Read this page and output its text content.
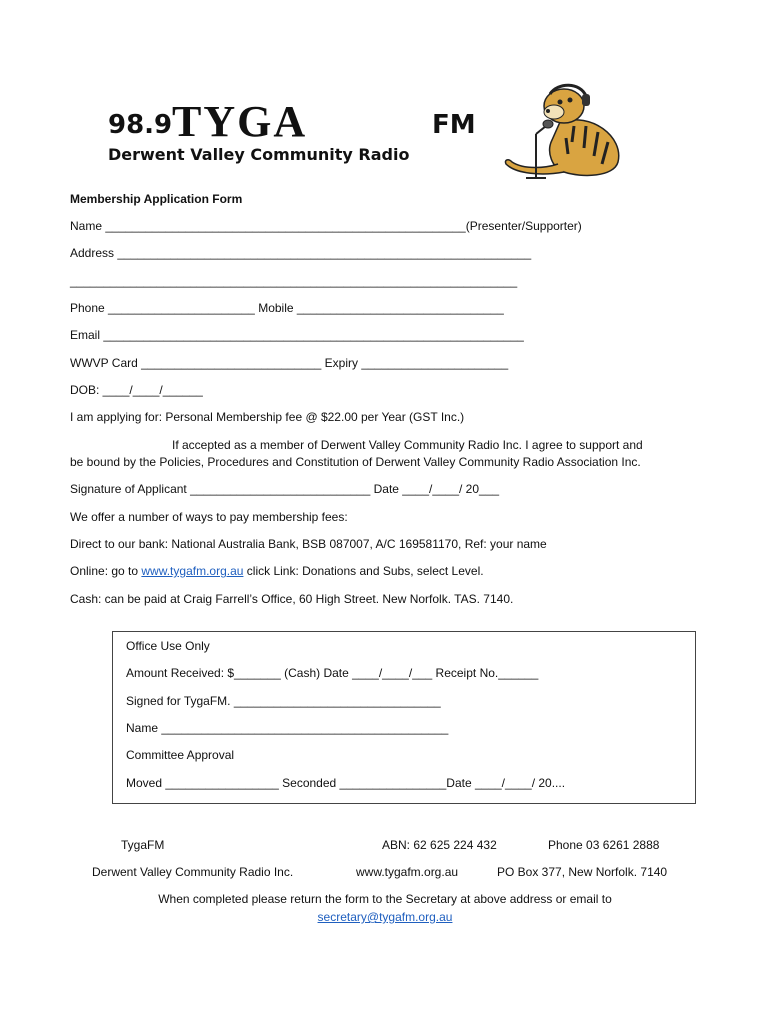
98.9 TYGA	FM
Derwent Valley Community Radio
Membership Application Form
Name ______________________________________________________(Presenter/Supporter)
Address ______________________________________________________________
___________________________________________________________________
Phone ______________________ Mobile _______________________________
Email _______________________________________________________________
WWVP Card ___________________________ Expiry ______________________
DOB: ____/____/______
I am applying for: Personal Membership fee @ $22.00 per Year (GST Inc.)
If accepted as a member of Derwent Valley Community Radio Inc. I agree to support and
be bound by the Policies, Procedures and Constitution of Derwent Valley Community Radio Association Inc.
Signature of Applicant ___________________________ Date ____/____/ 20___
We offer a number of ways to pay membership fees:
Direct to our bank: National Australia Bank, BSB 087007, A/C 169581170, Ref: your name
Online: go to www.tygafm.org.au click Link: Donations and Subs, select Level.
Cash: can be paid at Craig Farrell’s Office, 60 High Street. New Norfolk. TAS. 7140.
Office Use Only
Amount Received: $_______ (Cash) Date ____/____/___ Receipt No.______
Signed for TygaFM. _______________________________
Name ___________________________________________
Committee Approval
Moved _________________ Seconded ________________Date ____/____/ 20....
TygaFM	ABN: 62 625 224 432	Phone 03 6261 2888
Derwent Valley Community Radio Inc.	www.tygafm.org.au	PO Box 377, New Norfolk. 7140
When completed please return the form to the Secretary at above address or email to
secretary@tygafm.org.au
